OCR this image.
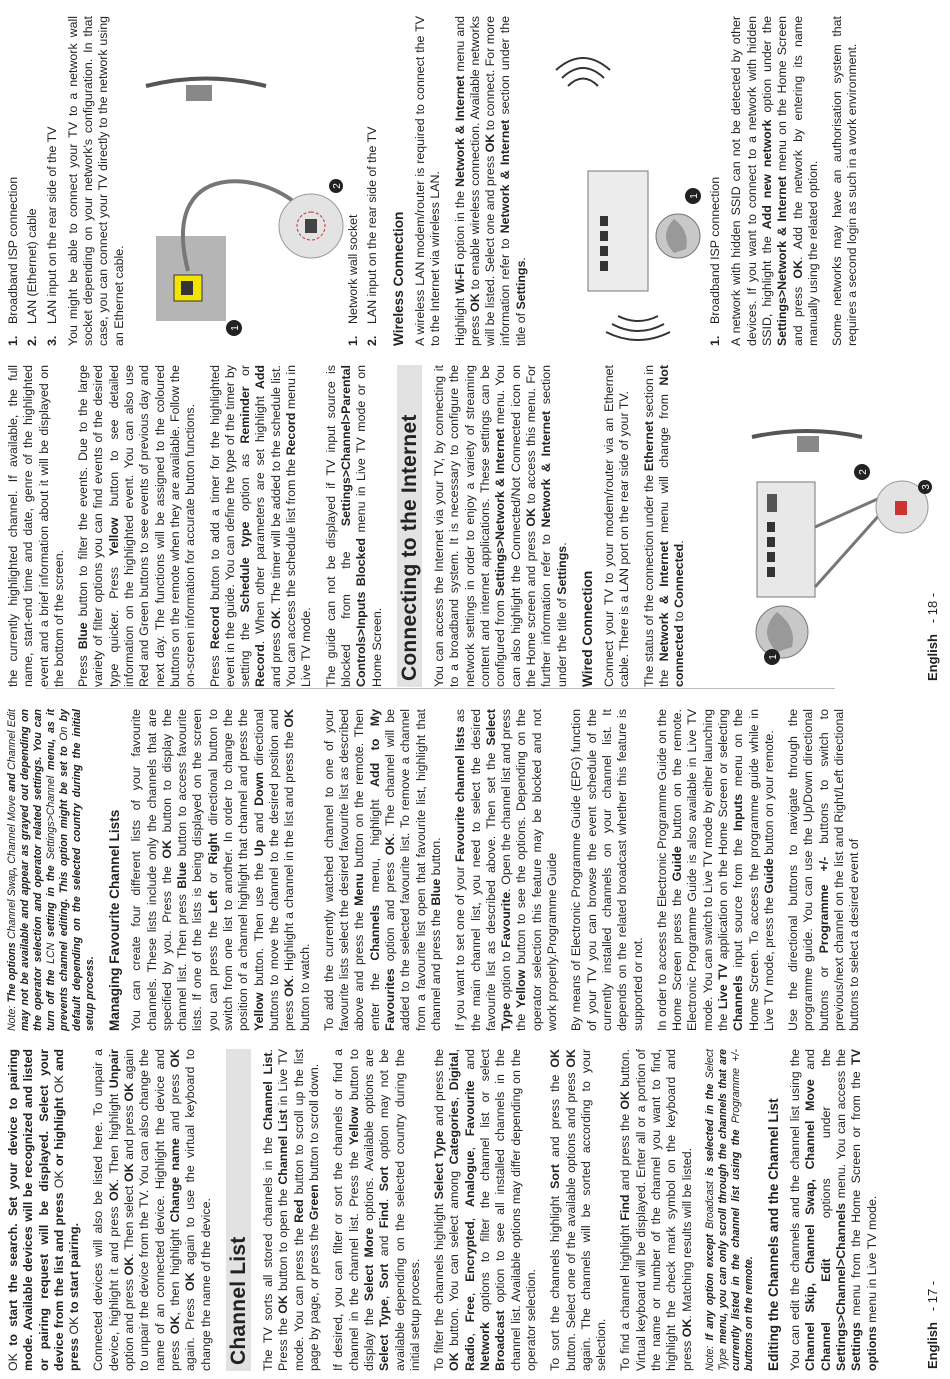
OK to start the search. Set your device to pairing mode. Available devices will be recognized and listed or pairing request will be displayed. Select your device from the list and press OK or highlight OK and press OK to start pairing. Connected devices will also be listed here. To unpair a device, highlight it and press OK. Then highlight Unpair option and press OK. Then select OK and press OK again to unpair the device from the TV. You can also change the name of an connected device. Highlight the device and press OK, then highlight Change name and press OK again. Press OK again to use the virtual keyboard to change the name of the device. Channel List The TV sorts all stored channels in the Channel List. Press the OK button to open the Channel List in Live TV mode. You can press the Red button to scroll up the list page by page, or press the Green button to scroll down. If desired, you can filter or sort the channels or find a channel in the channel list. Press the Yellow button to display the Select More options. Available options are Select Type, Sort and Find. Sort option may not be available depending on the selected country during the initial setup process. To filter the channels highlight Select Type and press the OK button. You can select among Categories, Digital, Radio, Free, Encrypted, Analogue, Favourite and Network options to filter the channel list or select Broadcast option to see all installed channels in the channel list. Available options may differ depending on the operator selection. To sort the channels highlight Sort and press the OK button. Select one of the available options and press OK again. The channels will be sorted according to your selection. To find a channel highlight Find and press the OK button. Virtual keyboard will be displayed. Enter all or a portion of the name or number of the channel you want to find, highlight the check mark symbol on the keyboard and press OK. Matching results will be listed.

Note: If any option except Broadcast is selected in the Select Type menu, you can only scroll through the channels that are currently listed in the channel list using the Programme +/- buttons on the remote. Editing the Channels and the Channel List You can edit the channels and the channel list using the Channel Skip, Channel Swap, Channel Move and Channel Edit options under the Settings>Channel>Channels menu. You can access the Settings menu from the Home Screen or from the TV options menu in Live TV mode.

Note: The options Channel Swap, Channel Move and Channel Edit may not be available and appear as grayed out depending on the operator selection and operator related settings. You can turn off the LCN setting in the Settings>Channel menu, as it prevents channel editing. This option might be set to On by default depending on the selected country during the initial setup process. Managing Favourite Channel Lists You can create four different lists of your favourite channels. These lists include only the channels that are specified by you. Press the OK button to display the channel list. Then press Blue button to access favourite lists. If one of the lists is being displayed on the screen you can press the Left or Right directional button to switch from one list to another. In order to change the position of a channel highlight that channel and press the Yellow button. Then use the Up and Down directional buttons to move the channel to the desired position and press OK. Highlight a channel in the list and press the OK button to watch. To add the currently watched channel to one of your favourite lists select the desired favourite list as described above and press the Menu button on the remote. Then enter the Channels menu, highlight Add to My Favourites option and press OK. The channel will be added to the selected favourite list. To remove a channel from a favourite list open that favourite list, highlight that channel and press the Blue button.

If you want to set one of your Favourite channel lists as the main channel list, you need to select the desired favourite list as described above. Then set the Select Type option to Favourite. Open the channel list and press the Yellow button to see the options. Depending on the operator selection this feature may be blocked and not work properly.Programme Guide By means of Electronic Programme Guide (EPG) function of your TV you can browse the event schedule of the currently installed channels on your channel list. It depends on the related broadcast whether this feature is supported or not. In order to access the Electronic Programme Guide on the Home Screen press the Guide button on the remote. Electronic Programme Guide is also available in Live TV mode. You can switch to Live TV mode by either launching the Live TV application on the Home Screen or selecting Channels input source from the Inputs menu on the Home Screen. To access the programme guide while in Live TV mode, press the Guide button on your remote. Use the directional buttons to navigate through the programme guide. You can use the Up/Down directional buttons or Programme +/- buttons to switch to previous/next channel on the list and Right/Left directional buttons to select a desired event of

English   - 17 -

the currently highlighted channel. If available, the full name, start-end time and date, genre of the highlighted event and a brief information about it will be displayed on the bottom of the screen. Press Blue button to filter the events. Due to the large variety of filter options you can find events of the desired type quicker. Press Yellow button to see detailed information on the highlighted event. You can also use Red and Green buttons to see events of previous day and next day. The functions will be assigned to the coloured buttons on the remote when they are available. Follow the on-screen information for accurate button functions. Press Record button to add a timer for the highlighted event in the guide. You can define the type of the timer by setting the Schedule type option as Reminder or Record. When other parameters are set highlight Add and press OK. The timer will be added to the schedule list. You can access the schedule list from the Record menu in Live TV mode. The guide can not be displayed if TV input source is blocked from the Settings>Channel>Parental Controls>Inputs Blocked menu in Live TV mode or on Home Screen. Connecting to the Internet You can access the Internet via your TV, by connecting it to a broadband system. It is necessary to configure the network settings in order to enjoy a variety of streaming content and internet applications. These settings can be configured from Settings>Network & Internet menu. You can also highlight the Connected/Not Connected icon on the Home screen and press OK to access this menu. For further information refer to Network & Internet section under the title of Settings.

Wired Connection Connect your TV to your modem/router via an Ethernet cable. There is a LAN port on the rear side of your TV. The status of the connection under the Ethernet section in the Network & Internet menu will change from Not connected to Connected.

1
2
3
1.Broadband ISP connection
2.LAN (Ethernet) cable
3.LAN input on the rear side of the TV You might be able to connect your TV to a network wall socket depending on your network's configuration. In that case, you can connect your TV directly to the network using an Ethernet cable.	1
2
1.Network wall socket
2.LAN input on the rear side of the TV Wireless Connection A wireless LAN modem/router is required to connect the TV to the Internet via wireless LAN. Highlight Wi-Fi option in the Network & Internet menu and press OK to enable wireless connection. Available networks will be listed. Select one and press OK to connect. For more information refer to Network & Internet section under the title of Settings.

1
1.Broadband ISP connection A network with hidden SSID can not be detected by other devices. If you want to connect to a network with hidden SSID, highlight the Add new network option under the Settings>Network & Internet menu on the Home Screen and press OK. Add the network by entering its name manually using the related option. Some networks may have an authorisation system that requires a second login as such in a work environment.

English   - 18 -
